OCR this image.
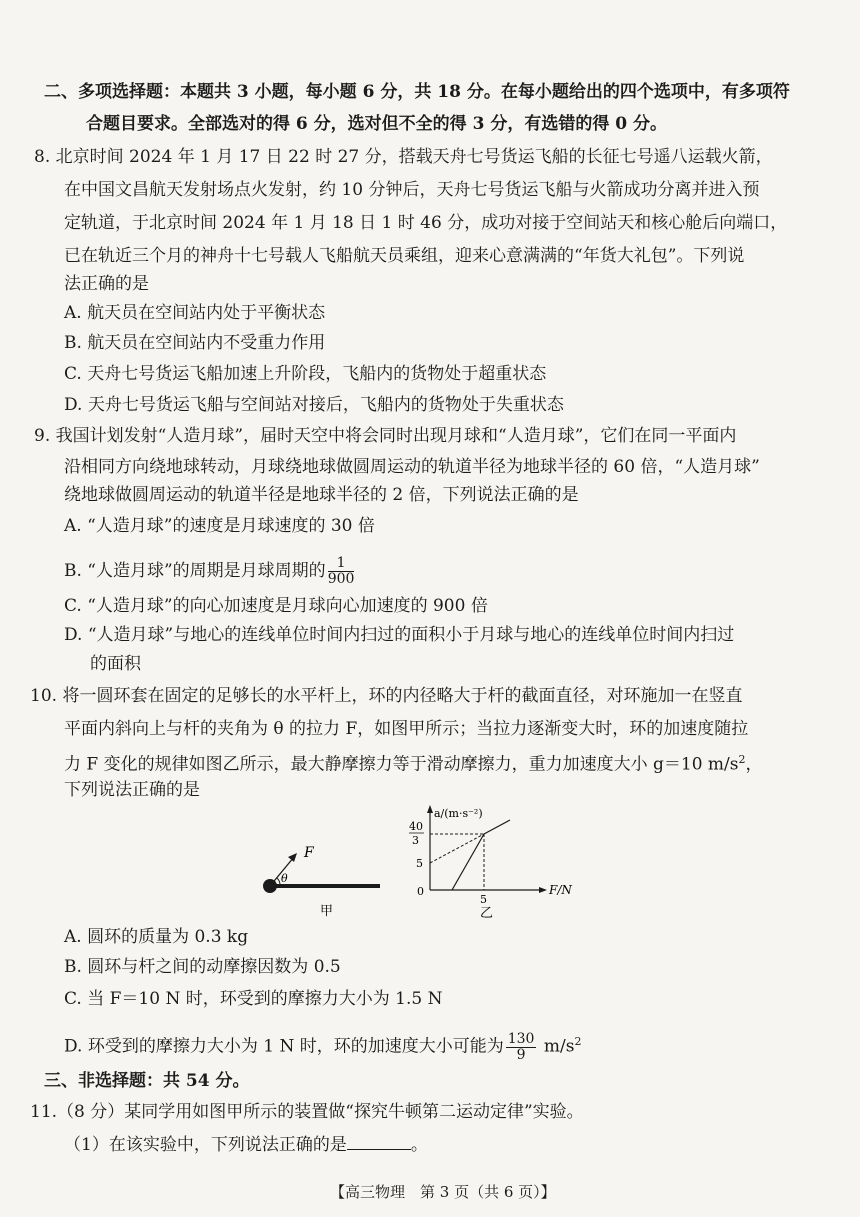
二、多项选择题：本题共 3 小题，每小题 6 分，共 18 分。在每小题给出的四个选项中，有多项符
合题目要求。全部选对的得 6 分，选对但不全的得 3 分，有选错的得 0 分。
8. 北京时间 2024 年 1 月 17 日 22 时 27 分，搭载天舟七号货运飞船的长征七号遥八运载火箭，
在中国文昌航天发射场点火发射，约 10 分钟后，天舟七号货运飞船与火箭成功分离并进入预
定轨道，于北京时间 2024 年 1 月 18 日 1 时 46 分，成功对接于空间站天和核心舱后向端口，
已在轨近三个月的神舟十七号载人飞船航天员乘组，迎来心意满满的“年货大礼包”。下列说
法正确的是
A. 航天员在空间站内处于平衡状态
B. 航天员在空间站内不受重力作用
C. 天舟七号货运飞船加速上升阶段，飞船内的货物处于超重状态
D. 天舟七号货运飞船与空间站对接后，飞船内的货物处于失重状态
9. 我国计划发射“人造月球”，届时天空中将会同时出现月球和“人造月球”，它们在同一平面内
沿相同方向绕地球转动，月球绕地球做圆周运动的轨道半径为地球半径的 60 倍，“人造月球”
绕地球做圆周运动的轨道半径是地球半径的 2 倍，下列说法正确的是
A. “人造月球”的速度是月球速度的 30 倍
B. “人造月球”的周期是月球周期的 $\frac{1}{900}$
C. “人造月球”的向心加速度是月球向心加速度的 900 倍
D. “人造月球”与地心的连线单位时间内扫过的面积小于月球与地心的连线单位时间内扫过
的面积
10. 将一圆环套在固定的足够长的水平杆上，环的内径略大于杆的截面直径，对环施加一在竖直
平面内斜向上与杆的夹角为 θ 的拉力 F，如图甲所示；当拉力逐渐变大时，环的加速度随拉
力 F 变化的规律如图乙所示，最大静摩擦力等于滑动摩擦力，重力加速度大小 g＝10 $m/s^2$，
下列说法正确的是
F
θ
甲
a/(m·s⁻²)
40
3
5
0
5
F/N
乙
A. 圆环的质量为 0.3 kg
B. 圆环与杆之间的动摩擦因数为 0.5
C. 当 F＝10 N 时，环受到的摩擦力大小为 1.5 N
D. 环受到的摩擦力大小为 1 N 时，环的加速度大小可能为 $\frac{130}{9} m/s^2$
三、非选择题：共 54 分。
11.（8 分）某同学用如图甲所示的装置做“探究牛顿第二运动定律”实验。
（1）在该实验中，下列说法正确的是	。
【高三物理　第 3 页（共 6 页）】
